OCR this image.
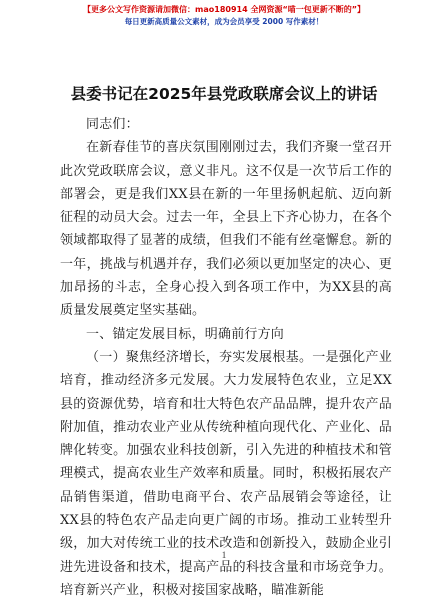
【更多公文写作资源请加微信：mao180914 全网资源“喵一包更新不断的”】
每日更新高质量公文素材，成为会员享受 2000 写作素材！
县委书记在2025年县党政联席会议上的讲话

同志们：

在新春佳节的喜庆氛围刚刚过去，我们齐聚一堂召开此次党政联席会议，意义非凡。这不仅是一次节后工作的部署会，更是我们XX县在新的一年里扬帆起航、迈向新征程的动员大会。过去一年，全县上下齐心协力，在各个领域都取得了显著的成绩，但我们不能有丝毫懈怠。新的一年，挑战与机遇并存，我们必须以更加坚定的决心、更加昂扬的斗志，全身心投入到各项工作中，为XX县的高质量发展奠定坚实基础。

一、锚定发展目标，明确前行方向

（一）聚焦经济增长，夯实发展根基。一是强化产业培育，推动经济多元发展。大力发展特色农业，立足XX县的资源优势，培育和壮大特色农产品品牌，提升农产品附加值，推动农业产业从传统种植向现代化、产业化、品牌化转变。加强农业科技创新，引入先进的种植技术和管理模式，提高农业生产效率和质量。同时，积极拓展农产品销售渠道，借助电商平台、农产品展销会等途径，让XX县的特色农产品走向更广阔的市场。推动工业转型升级，加大对传统工业的技术改造和创新投入，鼓励企业引进先进设备和技术，提高产品的科技含量和市场竞争力。培育新兴产业，积极对接国家战略，瞄准新能

1
